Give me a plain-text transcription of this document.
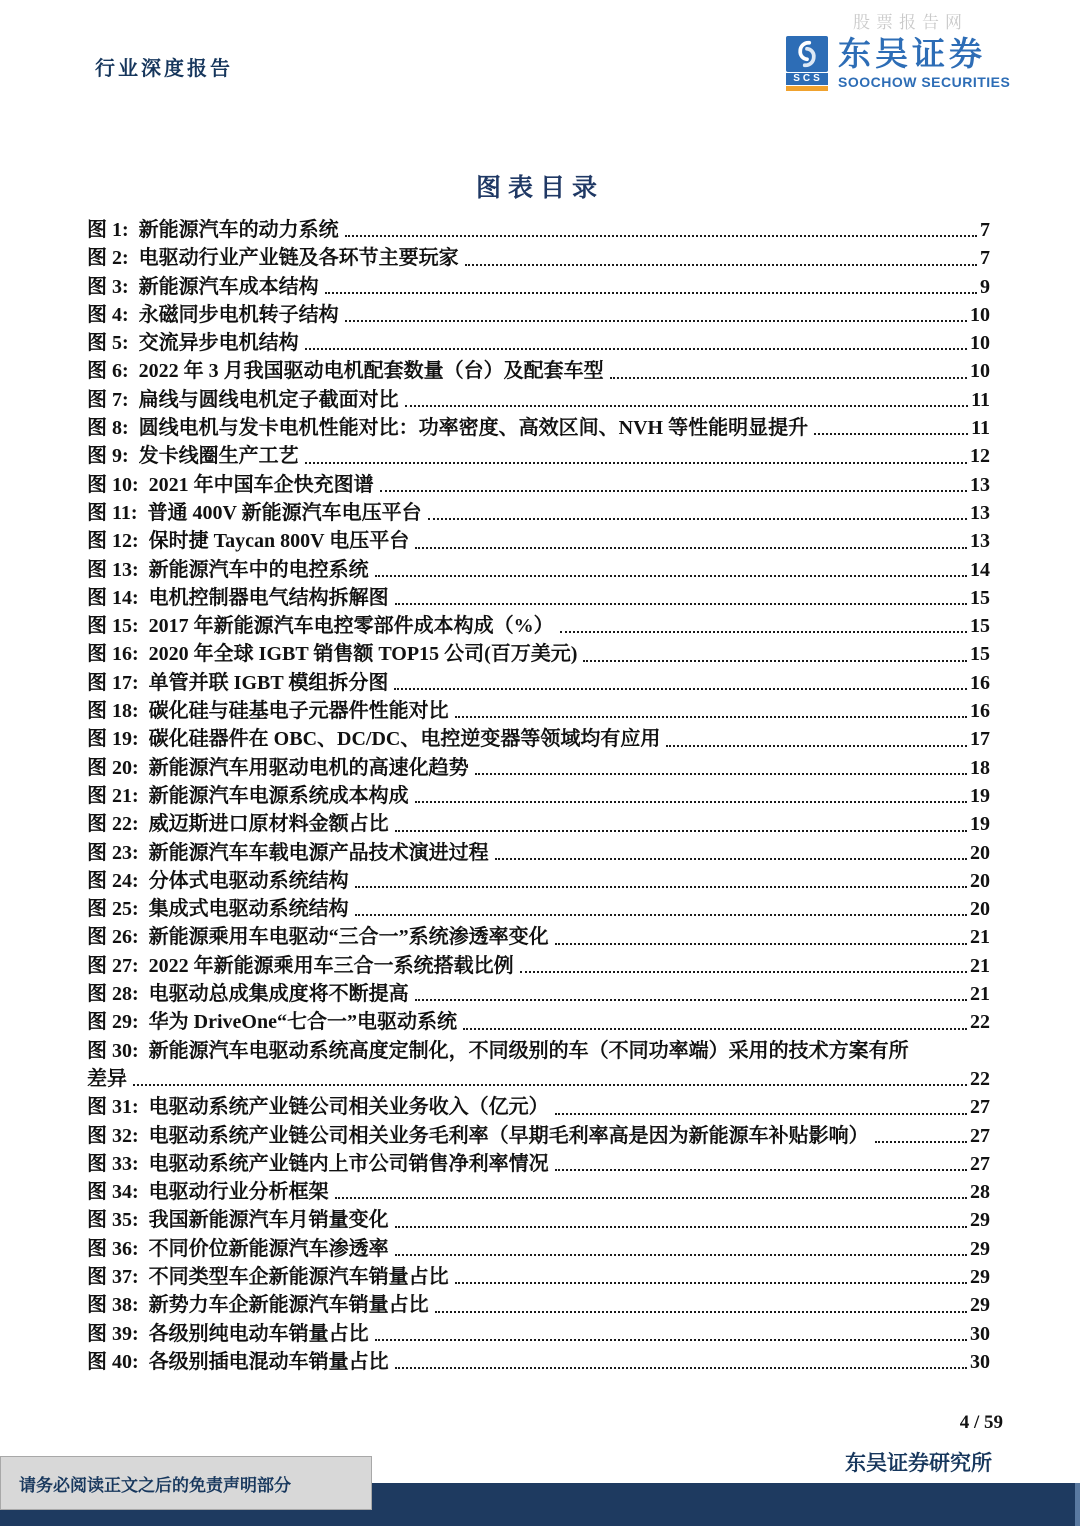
股票报告网
行业深度报告	SCS
东吴证券
SOOCHOW SECURITIES
图表目录
图 1: 新能源汽车的动力系统	7
图 2: 电驱动行业产业链及各环节主要玩家	7
图 3: 新能源汽车成本结构	9
图 4: 永磁同步电机转子结构	10
图 5: 交流异步电机结构	10
图 6: 2022 年 3 月我国驱动电机配套数量（台）及配套车型	10
图 7: 扁线与圆线电机定子截面对比	11
图 8: 圆线电机与发卡电机性能对比：功率密度、高效区间、NVH 等性能明显提升	11
图 9: 发卡线圈生产工艺	12
图 10: 2021 年中国车企快充图谱	13
图 11: 普通 400V 新能源汽车电压平台	13
图 12: 保时捷 Taycan 800V 电压平台	13
图 13: 新能源汽车中的电控系统	14
图 14: 电机控制器电气结构拆解图	15
图 15: 2017 年新能源汽车电控零部件成本构成（%）	15
图 16: 2020 年全球 IGBT 销售额 TOP15 公司(百万美元)	15
图 17: 单管并联 IGBT 模组拆分图	16
图 18: 碳化硅与硅基电子元器件性能对比	16
图 19: 碳化硅器件在 OBC、DC/DC、电控逆变器等领域均有应用	17
图 20: 新能源汽车用驱动电机的高速化趋势	18
图 21: 新能源汽车电源系统成本构成	19
图 22: 威迈斯进口原材料金额占比	19
图 23: 新能源汽车车载电源产品技术演进过程	20
图 24: 分体式电驱动系统结构	20
图 25: 集成式电驱动系统结构	20
图 26: 新能源乘用车电驱动“三合一”系统渗透率变化	21
图 27: 2022 年新能源乘用车三合一系统搭载比例	21
图 28: 电驱动总成集成度将不断提高	21
图 29: 华为 DriveOne“七合一”电驱动系统	22
图 30: 新能源汽车电驱动系统高度定制化，不同级别的车（不同功率端）采用的技术方案有所
差异	22
图 31: 电驱动系统产业链公司相关业务收入（亿元）	27
图 32: 电驱动系统产业链公司相关业务毛利率（早期毛利率高是因为新能源车补贴影响）	27
图 33: 电驱动系统产业链内上市公司销售净利率情况	27
图 34: 电驱动行业分析框架	28
图 35: 我国新能源汽车月销量变化	29
图 36: 不同价位新能源汽车渗透率	29
图 37: 不同类型车企新能源汽车销量占比	29
图 38: 新势力车企新能源汽车销量占比	29
图 39: 各级别纯电动车销量占比	30
图 40: 各级别插电混动车销量占比	30
4 / 59
东吴证券研究所
请务必阅读正文之后的免责声明部分
